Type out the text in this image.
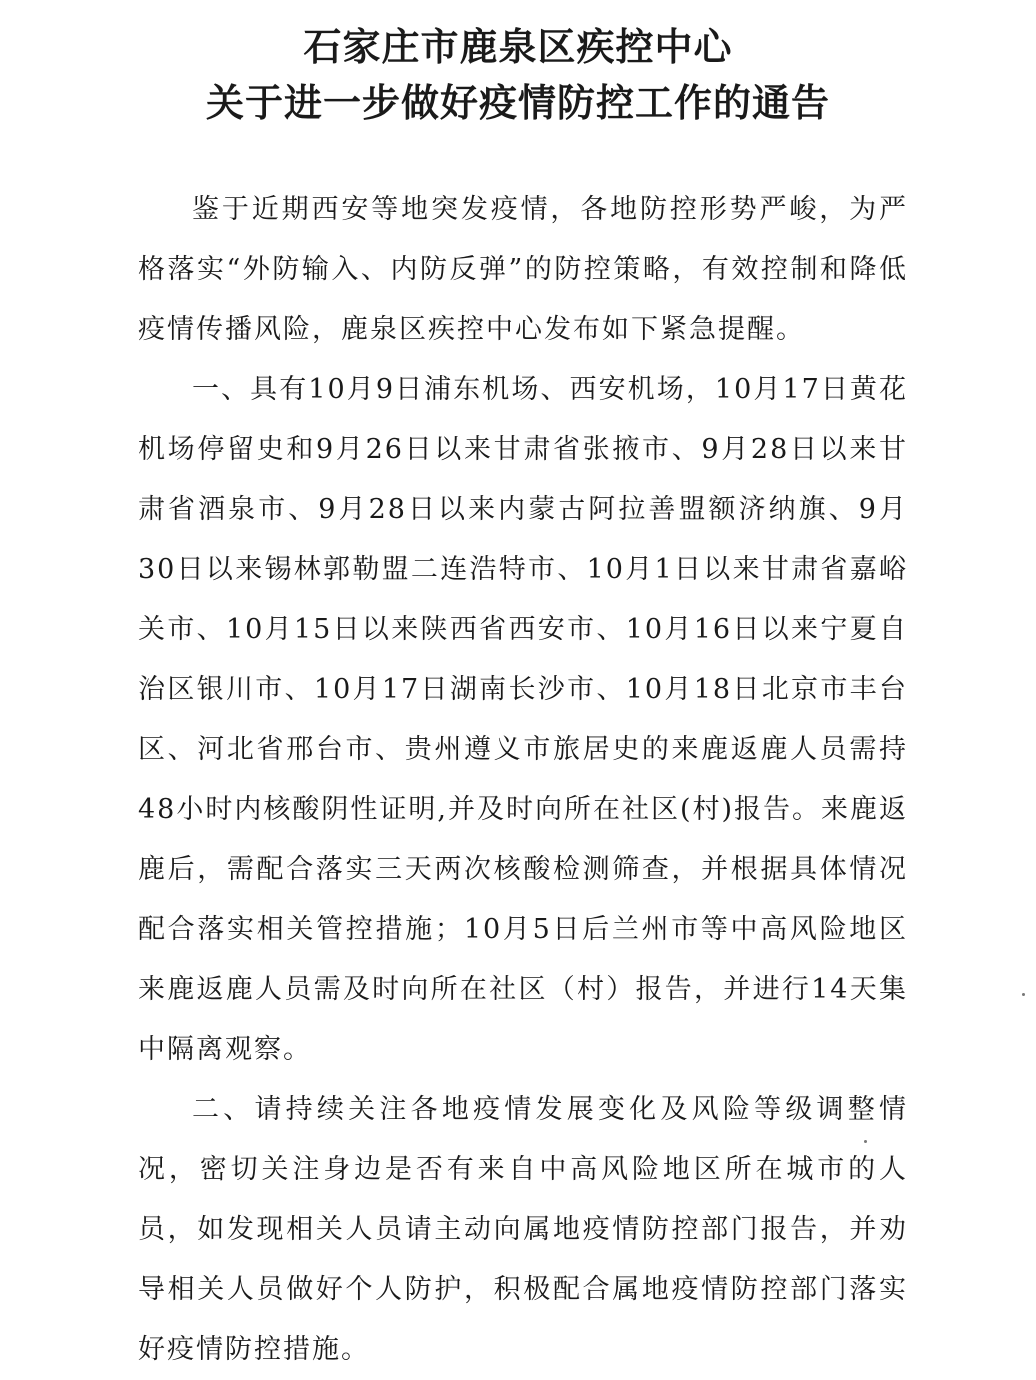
石家庄市鹿泉区疾控中心
关于进一步做好疫情防控工作的通告

鉴于近期西安等地突发疫情，各地防控形势严峻，为严格落实“外防输入、内防反弹”的防控策略，有效控制和降低疫情传播风险，鹿泉区疾控中心发布如下紧急提醒。

一、具有10月9日浦东机场、西安机场，10月17日黄花机场停留史和9月26日以来甘肃省张掖市、9月28日以来甘肃省酒泉市、9月28日以来内蒙古阿拉善盟额济纳旗、9月30日以来锡林郭勒盟二连浩特市、10月1日以来甘肃省嘉峪关市、10月15日以来陕西省西安市、10月16日以来宁夏自治区银川市、10月17日湖南长沙市、10月18日北京市丰台区、河北省邢台市、贵州遵义市旅居史的来鹿返鹿人员需持48小时内核酸阴性证明,并及时向所在社区(村)报告。来鹿返鹿后，需配合落实三天两次核酸检测筛查，并根据具体情况配合落实相关管控措施；10月5日后兰州市等中高风险地区来鹿返鹿人员需及时向所在社区（村）报告，并进行14天集中隔离观察。

二、请持续关注各地疫情发展变化及风险等级调整情况，密切关注身边是否有来自中高风险地区所在城市的人员，如发现相关人员请主动向属地疫情防控部门报告，并劝导相关人员做好个人防护，积极配合属地疫情防控部门落实好疫情防控措施。
